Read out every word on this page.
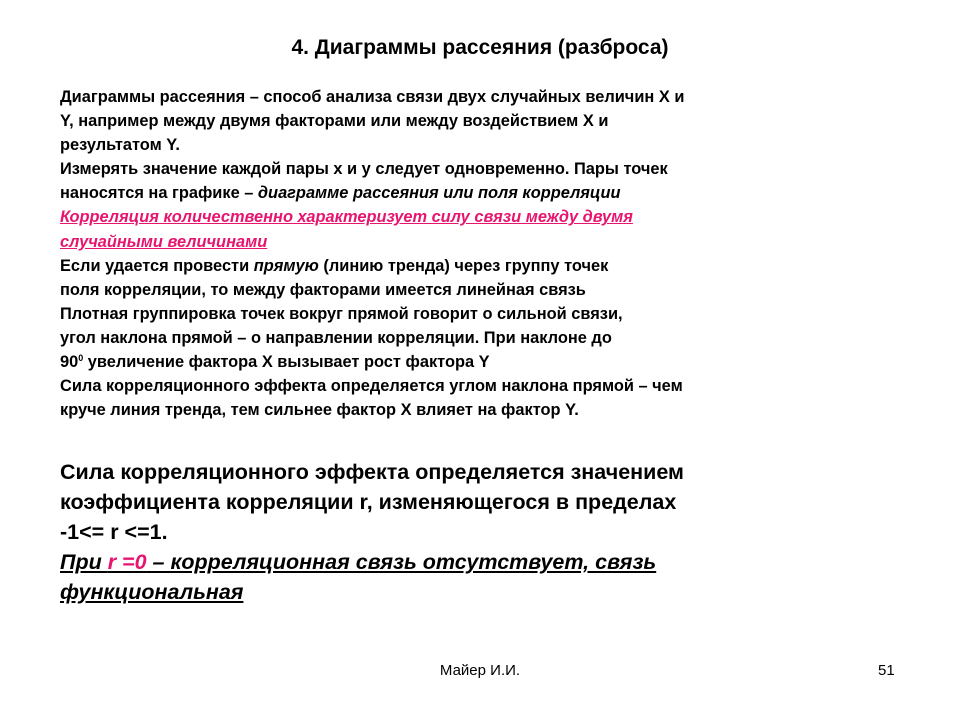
4. Диаграммы рассеяния (разброса)

Диаграммы рассеяния – способ анализа связи двух случайных величин X и

Y, например между двумя факторами или между воздействием X и

результатом Y.

Измерять значение каждой пары х и у следует одновременно. Пары точек

наносятся на графике – диаграмме рассеяния или поля корреляции

Корреляция количественно характеризует силу связи между двумя

случайными величинами

Если удается провести прямую (линию тренда) через группу точек

поля корреляции, то между факторами имеется линейная связь

Плотная группировка точек вокруг прямой говорит о сильной связи,

угол наклона прямой – о направлении корреляции. При наклоне до

$90^0$ увеличение фактора Х вызывает рост фактора Y

Сила корреляционного эффекта определяется углом наклона прямой – чем

круче линия тренда, тем сильнее фактор Х влияет на фактор Y.

Сила корреляционного эффекта определяется значением

коэффициента корреляции r, изменяющегося в пределах

-1<= r <=1.

При r =0 – корреляционная связь отсутствует, связь

функциональная

Майер И.И.	51
